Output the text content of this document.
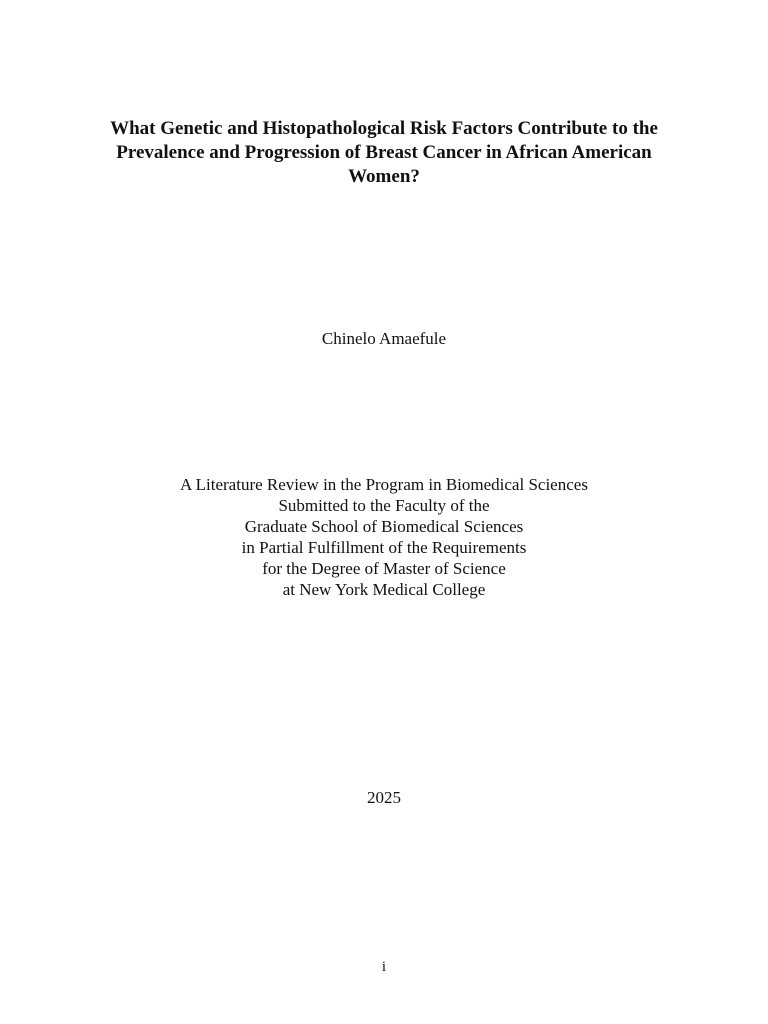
What Genetic and Histopathological Risk Factors Contribute to the
Prevalence and Progression of Breast Cancer in African American
Women?
Chinelo Amaefule
A Literature Review in the Program in Biomedical Sciences
Submitted to the Faculty of the
Graduate School of Biomedical Sciences
in Partial Fulfillment of the Requirements
for the Degree of Master of Science
at New York Medical College
2025
i
